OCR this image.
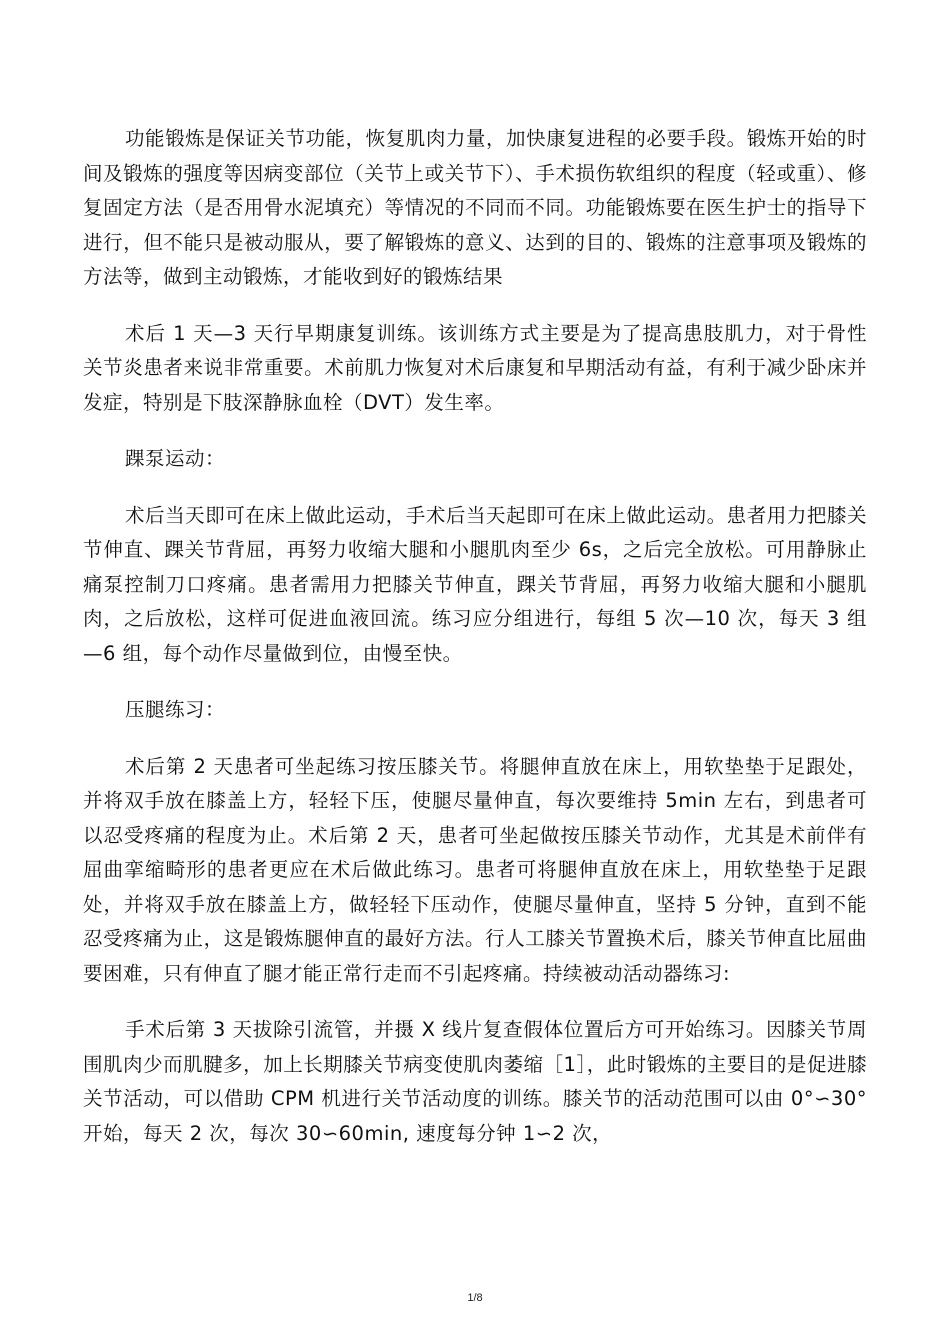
功能锻炼是保证关节功能，恢复肌肉力量，加快康复进程的必要手段。锻炼开始的时间及锻炼的强度等因病变部位（关节上或关节下）、手术损伤软组织的程度（轻或重）、修复固定方法（是否用骨水泥填充）等情况的不同而不同。功能锻炼要在医生护士的指导下进行，但不能只是被动服从，要了解锻炼的意义、达到的目的、锻炼的注意事项及锻炼的方法等，做到主动锻炼，才能收到好的锻炼结果

术后 1 天—3 天行早期康复训练。该训练方式主要是为了提高患肢肌力，对于骨性关节炎患者来说非常重要。术前肌力恢复对术后康复和早期活动有益，有利于减少卧床并发症，特别是下肢深静脉血栓（DVT）发生率。

踝泵运动：

术后当天即可在床上做此运动，手术后当天起即可在床上做此运动。患者用力把膝关节伸直、踝关节背屈，再努力收缩大腿和小腿肌肉至少 6s，之后完全放松。可用静脉止痛泵控制刀口疼痛。患者需用力把膝关节伸直，踝关节背屈，再努力收缩大腿和小腿肌肉，之后放松，这样可促进血液回流。练习应分组进行，每组 5 次—10 次，每天 3 组—6 组，每个动作尽量做到位，由慢至快。

压腿练习：

术后第 2 天患者可坐起练习按压膝关节。将腿伸直放在床上，用软垫垫于足跟处，并将双手放在膝盖上方，轻轻下压，使腿尽量伸直，每次要维持 5min 左右，到患者可以忍受疼痛的程度为止。术后第 2 天，患者可坐起做按压膝关节动作，尤其是术前伴有屈曲挛缩畸形的患者更应在术后做此练习。患者可将腿伸直放在床上，用软垫垫于足跟处，并将双手放在膝盖上方，做轻轻下压动作，使腿尽量伸直，坚持 5 分钟，直到不能忍受疼痛为止，这是锻炼腿伸直的最好方法。行人工膝关节置换术后，膝关节伸直比屈曲要困难，只有伸直了腿才能正常行走而不引起疼痛。持续被动活动器练习:

手术后第 3 天拔除引流管，并摄 X 线片复查假体位置后方可开始练习。因膝关节周围肌肉少而肌腱多，加上长期膝关节病变使肌肉萎缩［1］，此时锻炼的主要目的是促进膝关节活动，可以借助 CPM 机进行关节活动度的训练。膝关节的活动范围可以由 0°∽30°开始，每天 2 次，每次 30∽60min, 速度每分钟 1∽2 次，

1/8
